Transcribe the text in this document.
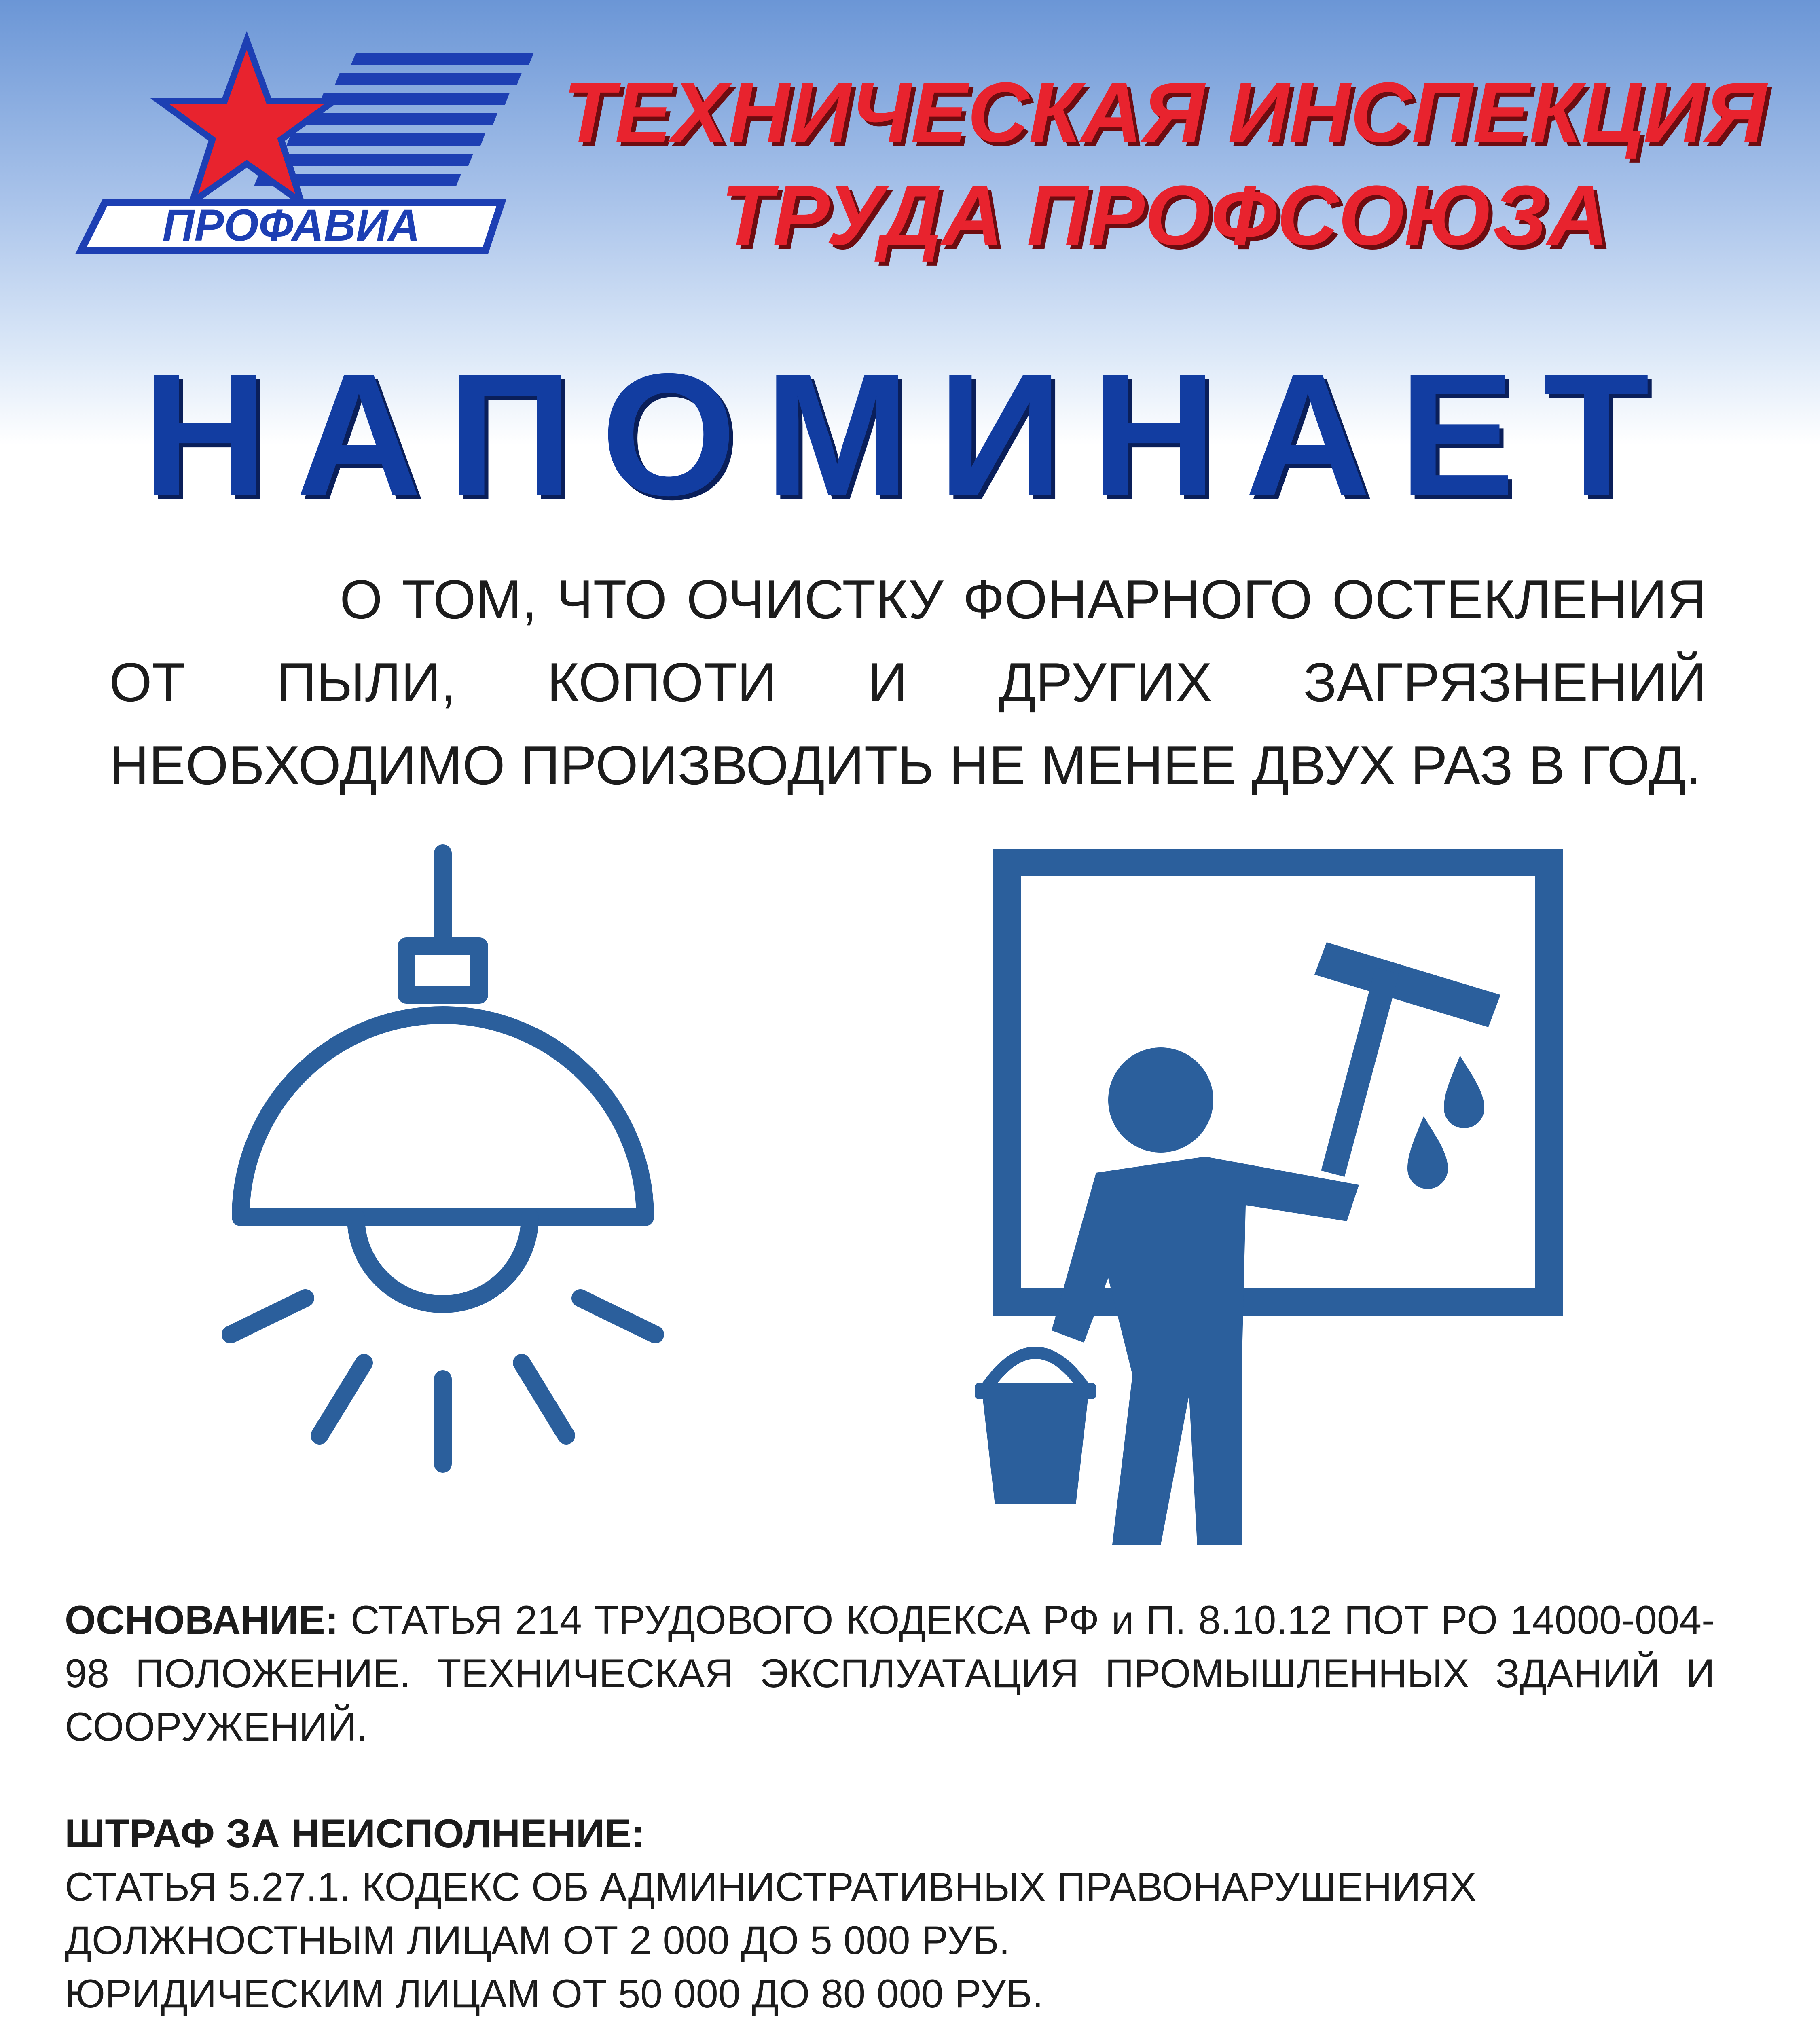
ПРОФАВИА
ТЕХНИЧЕСКАЯ ИНСПЕКЦИЯ
ТРУДА ПРОФСОЮЗА
НАПОМИНАЕТ
О ТОМ, ЧТО ОЧИСТКУ ФОНАРНОГО ОСТЕКЛЕНИЯ ОТ ПЫЛИ, КОПОТИ И ДРУГИХ ЗАГРЯЗНЕНИЙ НЕОБХОДИМО ПРОИЗВОДИТЬ НЕ МЕНЕЕ ДВУХ РАЗ В ГОД.
ОСНОВАНИЕ: СТАТЬЯ 214 ТРУДОВОГО КОДЕКСА РФ и П. 8.10.12 ПОТ РО 14000-004-98 ПОЛОЖЕНИЕ. ТЕХНИЧЕСКАЯ ЭКСПЛУАТАЦИЯ ПРОМЫШЛЕННЫХ ЗДАНИЙ И СООРУЖЕНИЙ.
ШТРАФ ЗА НЕИСПОЛНЕНИЕ:
СТАТЬЯ 5.27.1. КОДЕКС ОБ АДМИНИСТРАТИВНЫХ ПРАВОНАРУШЕНИЯХ
ДОЛЖНОСТНЫМ ЛИЦАМ ОТ 2 000 ДО 5 000 РУБ.
ЮРИДИЧЕСКИМ ЛИЦАМ ОТ 50 000 ДО 80 000 РУБ.
